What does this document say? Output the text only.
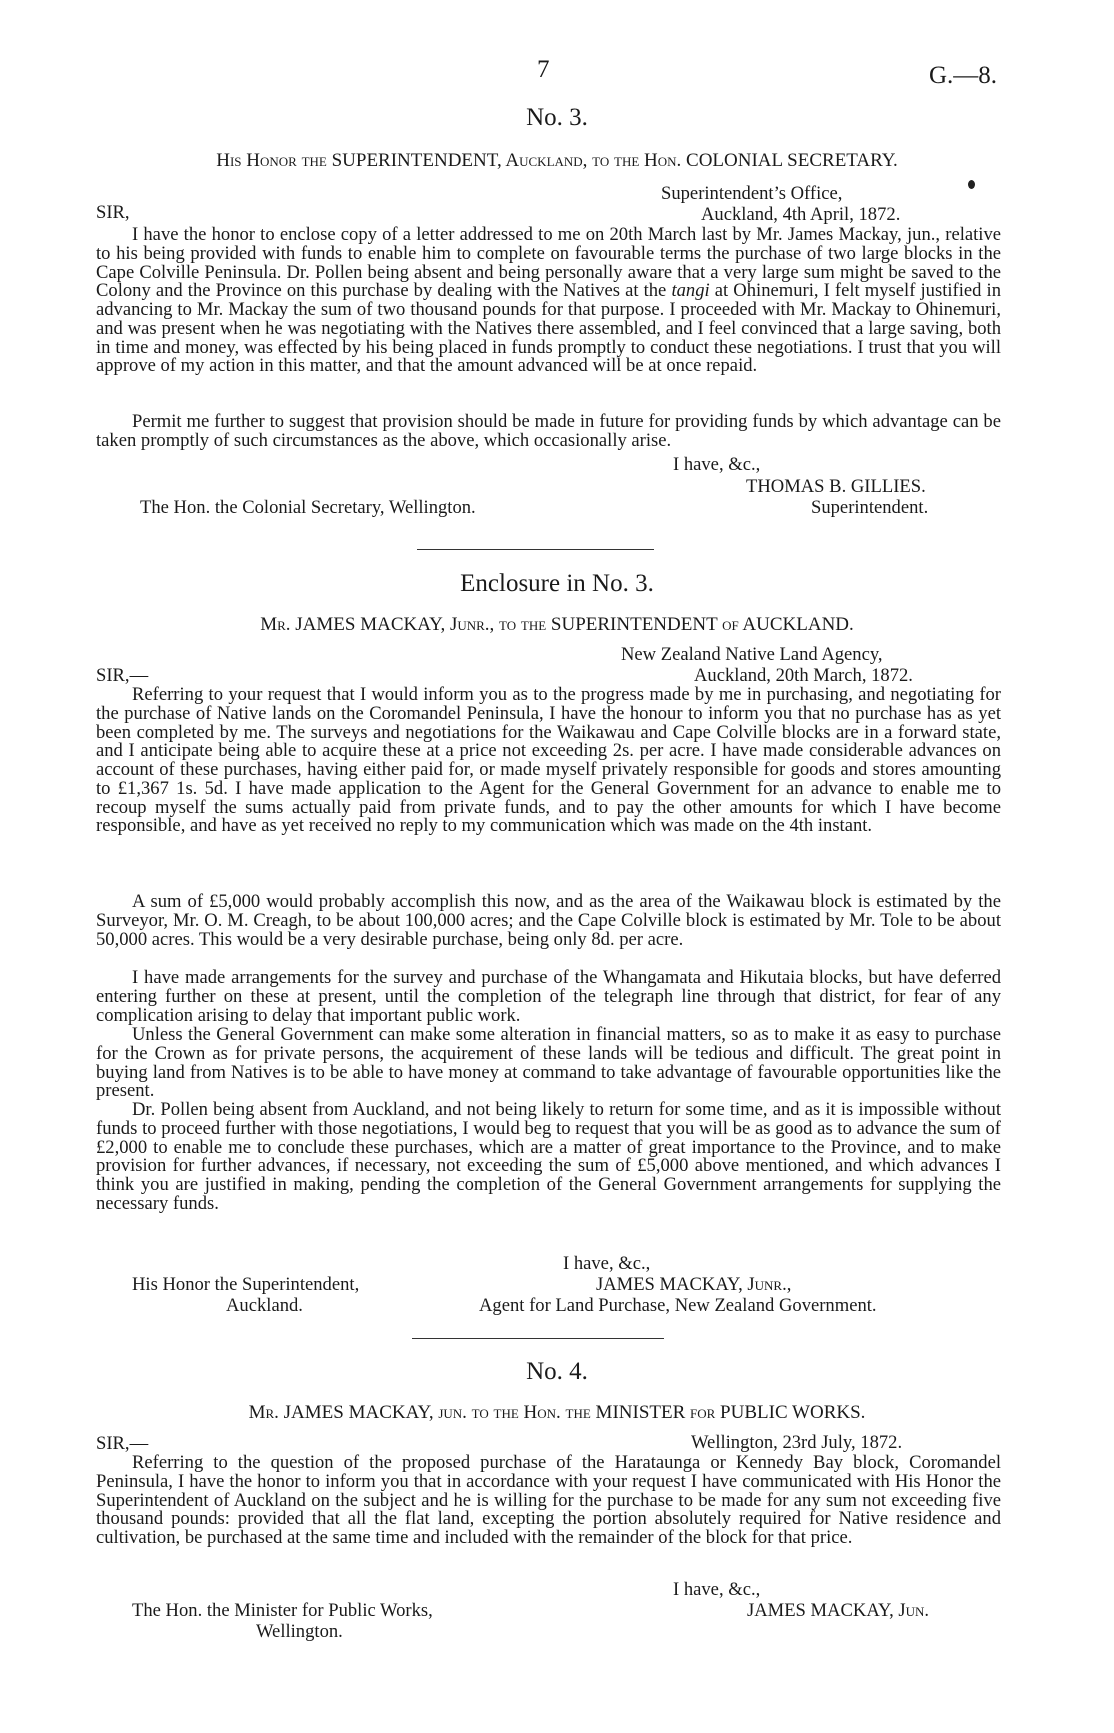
7	G.—8.
No. 3.
His Honor the SUPERINTENDENT, Auckland, to the Hon. COLONIAL SECRETARY.
Superintendent’s Office,
Auckland, 4th April, 1872.
SIR,
I have the honor to enclose copy of a letter addressed to me on 20th March last by Mr. James Mackay, jun., relative to his being provided with funds to enable him to complete on favourable terms the purchase of two large blocks in the Cape Colville Peninsula. Dr. Pollen being absent and being personally aware that a very large sum might be saved to the Colony and the Province on this purchase by dealing with the Natives at the tangi at Ohinemuri, I felt myself justified in advancing to Mr. Mackay the sum of two thousand pounds for that purpose. I proceeded with Mr. Mackay to Ohinemuri, and was present when he was negotiating with the Natives there assembled, and I feel convinced that a large saving, both in time and money, was effected by his being placed in funds promptly to conduct these negotiations. I trust that you will approve of my action in this matter, and that the amount advanced will be at once repaid.
Permit me further to suggest that provision should be made in future for providing funds by which advantage can be taken promptly of such circumstances as the above, which occasionally arise.
I have, &c.,
THOMAS B. GILLIES.
Superintendent.
The Hon. the Colonial Secretary, Wellington.
Enclosure in No. 3.
Mr. JAMES MACKAY, Junr., to the SUPERINTENDENT of AUCKLAND.
New Zealand Native Land Agency,
Auckland, 20th March, 1872.
SIR,—
Referring to your request that I would inform you as to the progress made by me in purchasing, and negotiating for the purchase of Native lands on the Coromandel Peninsula, I have the honour to inform you that no purchase has as yet been completed by me. The surveys and negotiations for the Waikawau and Cape Colville blocks are in a forward state, and I anticipate being able to acquire these at a price not exceeding 2s. per acre. I have made considerable advances on account of these purchases, having either paid for, or made myself privately responsible for goods and stores amounting to £1,367 1s. 5d. I have made application to the Agent for the General Government for an advance to enable me to recoup myself the sums actually paid from private funds, and to pay the other amounts for which I have become responsible, and have as yet received no reply to my communication which was made on the 4th instant.
A sum of £5,000 would probably accomplish this now, and as the area of the Waikawau block is estimated by the Surveyor, Mr. O. M. Creagh, to be about 100,000 acres; and the Cape Colville block is estimated by Mr. Tole to be about 50,000 acres. This would be a very desirable purchase, being only 8d. per acre.
I have made arrangements for the survey and purchase of the Whangamata and Hikutaia blocks, but have deferred entering further on these at present, until the completion of the telegraph line through that district, for fear of any complication arising to delay that important public work.
Unless the General Government can make some alteration in financial matters, so as to make it as easy to purchase for the Crown as for private persons, the acquirement of these lands will be tedious and difficult. The great point in buying land from Natives is to be able to have money at command to take advantage of favourable opportunities like the present.
Dr. Pollen being absent from Auckland, and not being likely to return for some time, and as it is impossible without funds to proceed further with those negotiations, I would beg to request that you will be as good as to advance the sum of £2,000 to enable me to conclude these purchases, which are a matter of great importance to the Province, and to make provision for further advances, if necessary, not exceeding the sum of £5,000 above mentioned, and which advances I think you are justified in making, pending the completion of the General Government arrangements for supplying the necessary funds.
I have, &c.,
JAMES MACKAY, Junr.,
Agent for Land Purchase, New Zealand Government.
His Honor the Superintendent,
Auckland.
No. 4.
Mr. JAMES MACKAY, jun. to the Hon. the MINISTER for PUBLIC WORKS.
SIR,—	Wellington, 23rd July, 1872.
Referring to the question of the proposed purchase of the Harataunga or Kennedy Bay block, Coromandel Peninsula, I have the honor to inform you that in accordance with your request I have communicated with His Honor the Superintendent of Auckland on the subject and he is willing for the purchase to be made for any sum not exceeding five thousand pounds: provided that all the flat land, excepting the portion absolutely required for Native residence and cultivation, be purchased at the same time and included with the remainder of the block for that price.
I have, &c.,
JAMES MACKAY, Jun.
The Hon. the Minister for Public Works,
Wellington.
